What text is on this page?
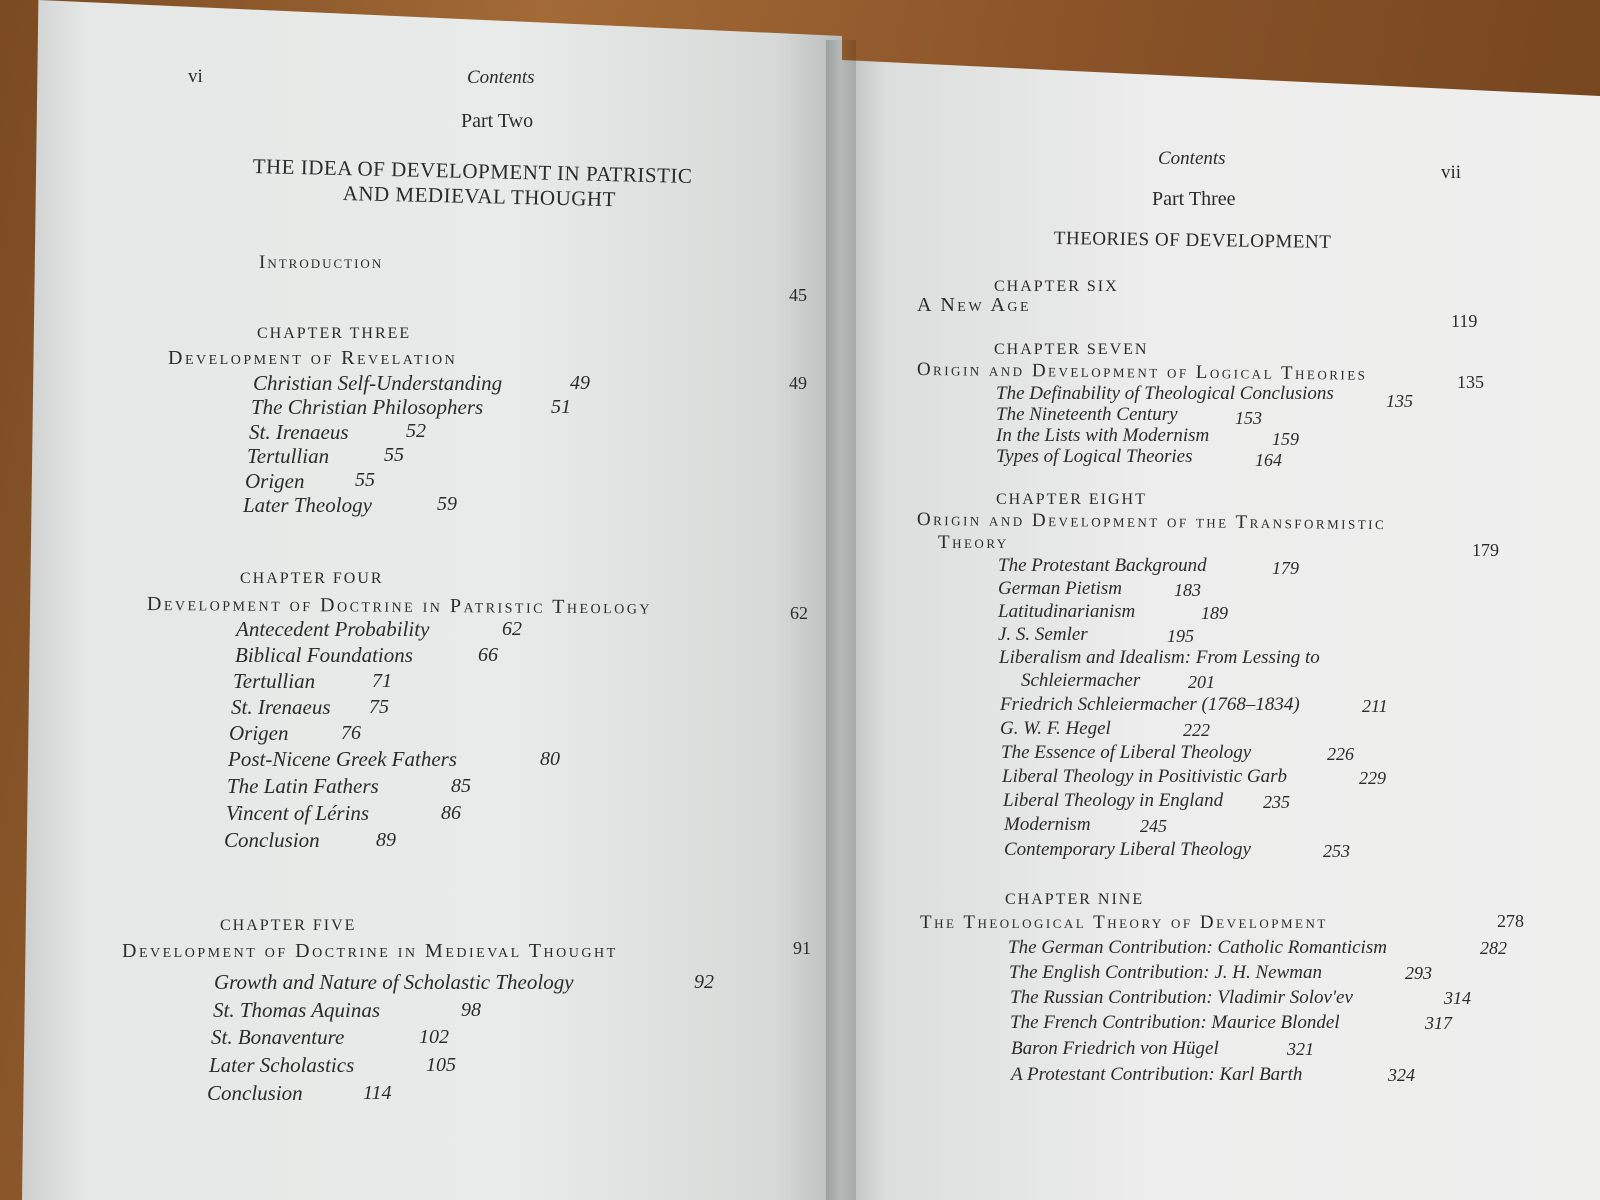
vi	Contents
Part Two
THE IDEA OF DEVELOPMENT IN PATRISTIC
AND MEDIEVAL THOUGHT
Introduction
45
CHAPTER THREE
Development of Revelation
49
Christian Self-Understanding	49
The Christian Philosophers	51
St. Irenaeus	52
Tertullian	55
Origen	55
Later Theology	59
CHAPTER FOUR
Development of Doctrine in Patristic Theology	62
Antecedent Probability	62
Biblical Foundations	66
Tertullian	71
St. Irenaeus 75
Origen	76
Post-Nicene Greek Fathers	80
The Latin Fathers	85
Vincent of Lérins	86
Conclusion	89
CHAPTER FIVE
Development of Doctrine in Medieval Thought	91
Growth and Nature of Scholastic Theology	92
St. Thomas Aquinas	98
St. Bonaventure	102
Later Scholastics	105
Conclusion	114
Contents
vii
Part Three
THEORIES OF DEVELOPMENT
CHAPTER SIX
A New Age
119
CHAPTER SEVEN
Origin and Development of Logical Theories	135
The Definability of Theological Conclusions	135
The Nineteenth Century	153
In the Lists with Modernism	159
Types of Logical Theories	164
CHAPTER EIGHT
Origin and Development of the Transformistic
Theory	179
The Protestant Background	179
German Pietism	183
Latitudinarianism	189
J. S. Semler	195
Liberalism and Idealism: From Lessing to
Schleiermacher	201
Friedrich Schleiermacher (1768–1834)	211
G. W. F. Hegel	222
The Essence of Liberal Theology	226
Liberal Theology in Positivistic Garb	229
Liberal Theology in England 235
Modernism	245
Contemporary Liberal Theology	253
CHAPTER NINE
The Theological Theory of Development	278
The German Contribution: Catholic Romanticism	282
The English Contribution: J. H. Newman	293
The Russian Contribution: Vladimir Solov'ev	314
The French Contribution: Maurice Blondel	317
Baron Friedrich von Hügel	321
A Protestant Contribution: Karl Barth	324
